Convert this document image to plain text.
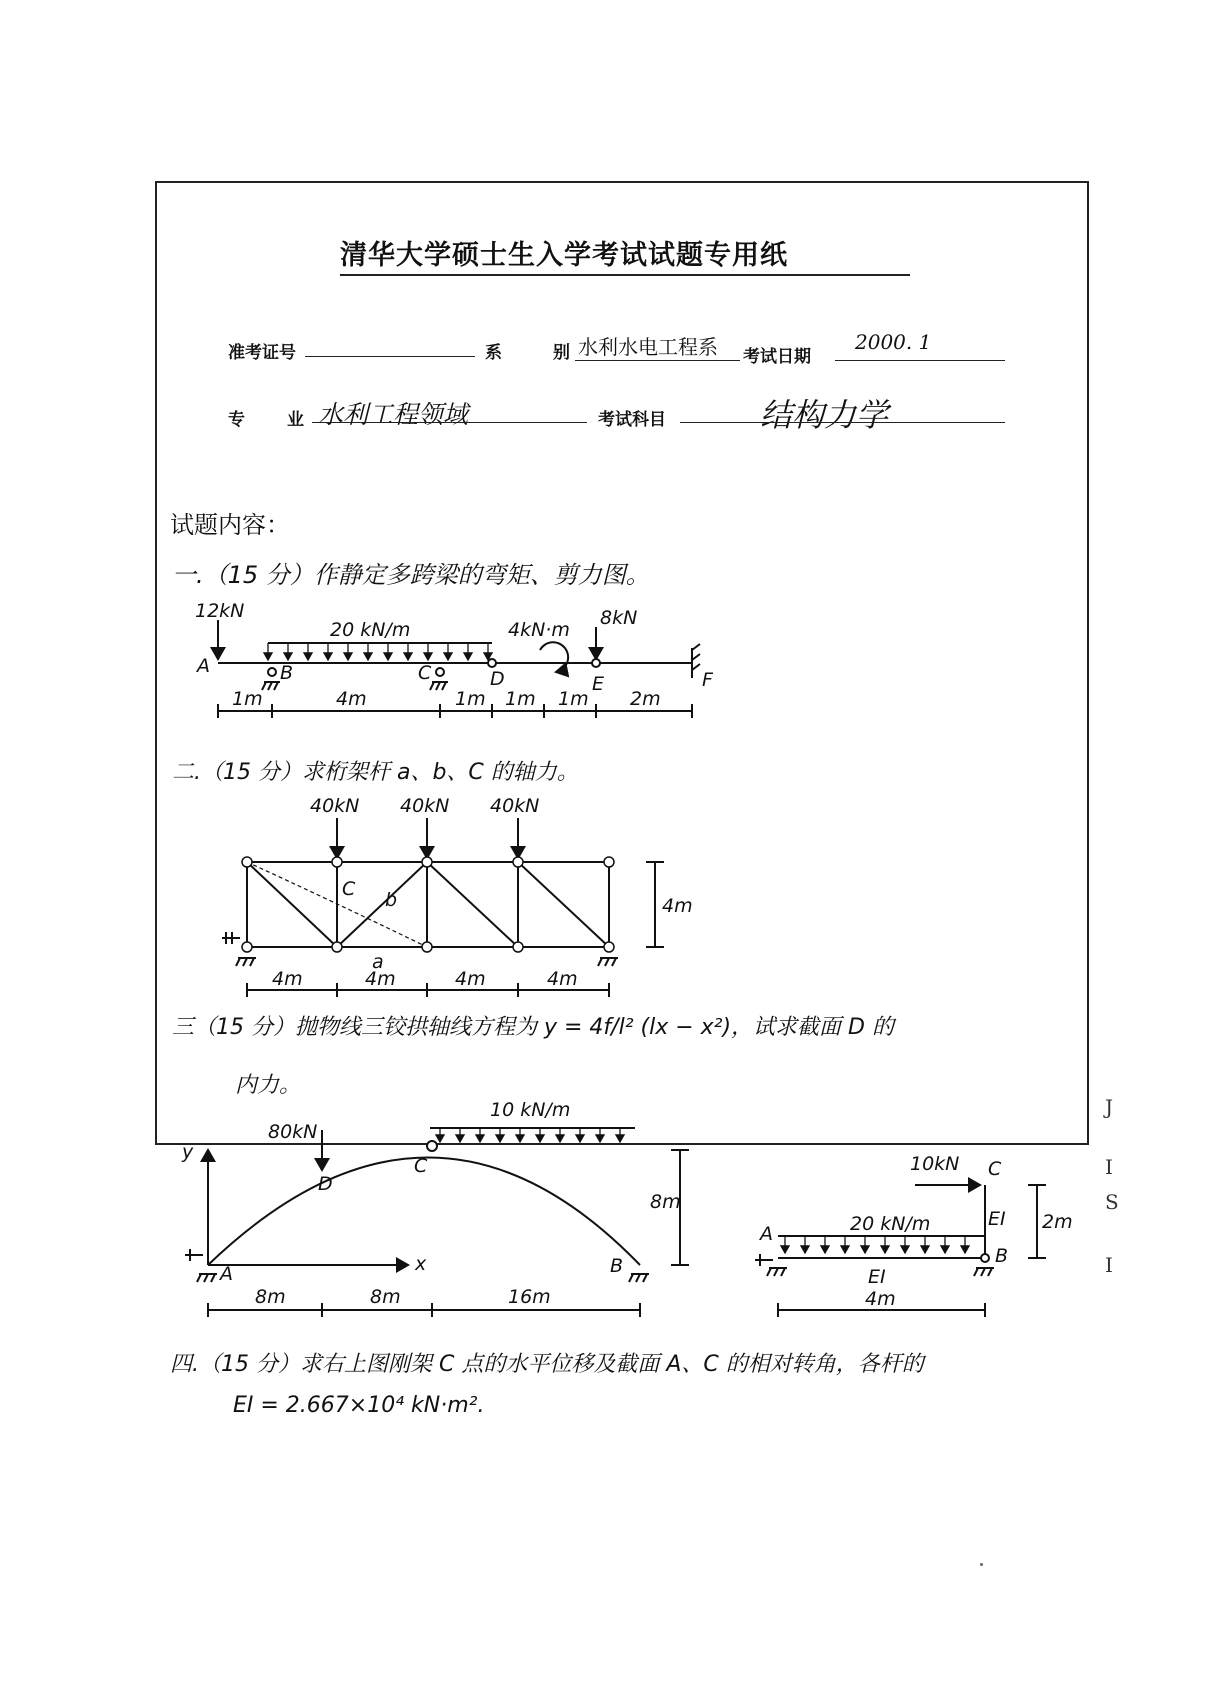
清华大学硕士生入学考试试题专用纸
准考证号	系	别 水利水电工程系 考试日期
2000. 1
专 业 水利工程领域	考试科目	结构力学
试题内容：
一.（15 分）作静定多跨梁的弯矩、剪力图。
二.（15 分）求桁架杆 a、b、C 的轴力。
三（15 分）抛物线三铰拱轴线方程为 y = 4f/l² (lx − x²)，试求截面 D 的
内力。
四.（15 分）求右上图刚架 C 点的水平位移及截面 A、C 的相对转角，各杆的
EI = 2.667×10⁴ kN·m².
J
I
S
I
12kN
20 kN/m	4kN·m
8kN
A	B	C	D	E	F
1m	4m	1m 1m 1m 2m
40kN 40kN 40kN
C b
a
4m
4m	4m	4m	4m
y
x
80kN
10 kN/m
A
D
C
B
8m
8m	8m	16m
10kN
20 kN/m
A
B
C
EI
EI
2m
4m
